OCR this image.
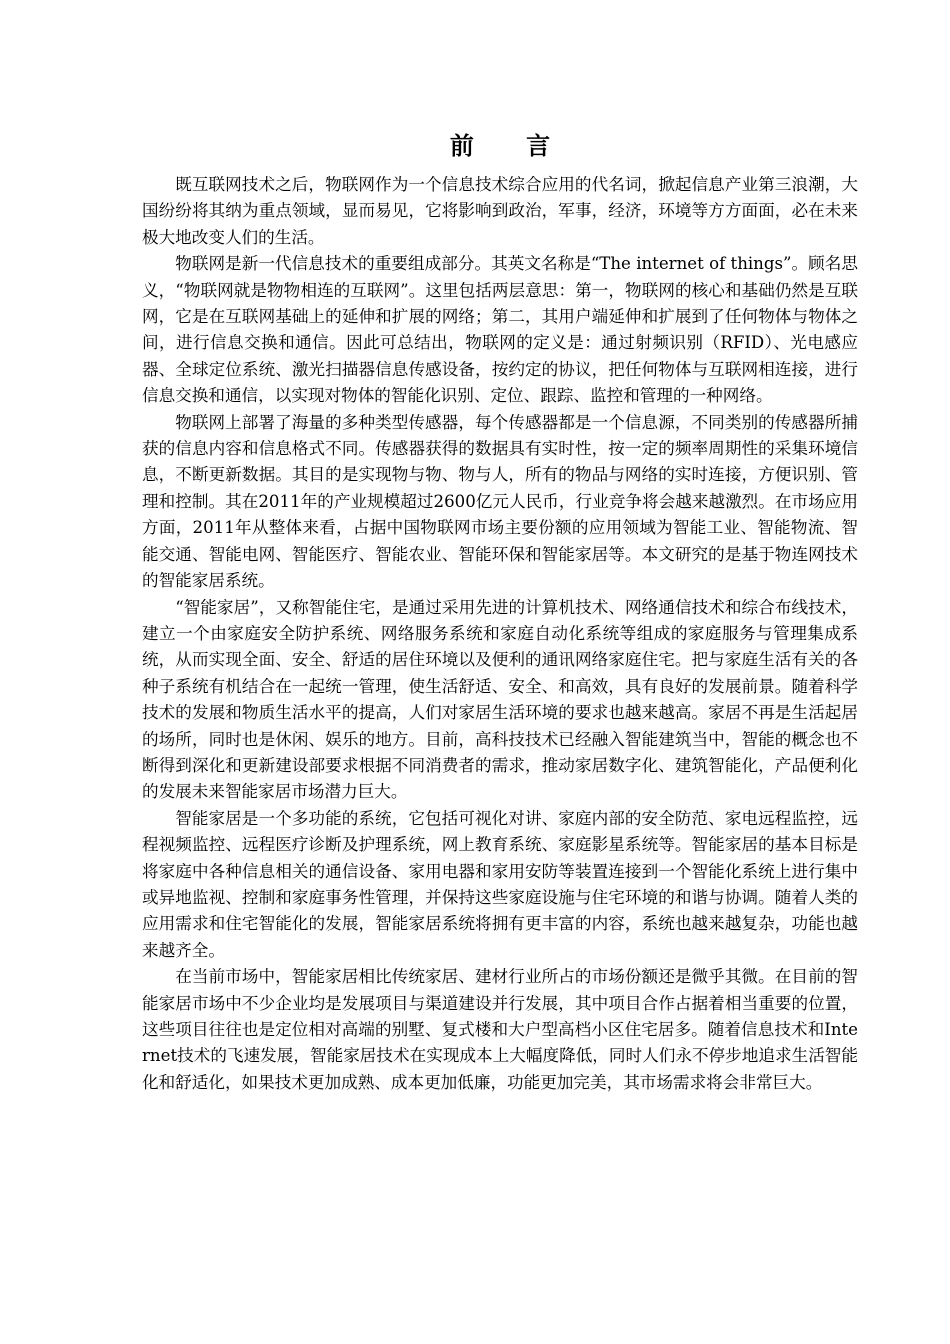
前 言

既互联网技术之后，物联网作为一个信息技术综合应用的代名词，掀起信息产业第三浪潮，大国纷纷将其纳为重点领域，显而易见，它将影响到政治，军事，经济，环境等方方面面，必在未来极大地改变人们的生活。

物联网是新一代信息技术的重要组成部分。其英文名称是“The internet of things”。顾名思义，“物联网就是物物相连的互联网”。这里包括两层意思：第一，物联网的核心和基础仍然是互联网，它是在互联网基础上的延伸和扩展的网络；第二，其用户端延伸和扩展到了任何物体与物体之间，进行信息交换和通信。因此可总结出，物联网的定义是：通过射频识别（RFID）、光电感应器、全球定位系统、激光扫描器信息传感设备，按约定的协议，把任何物体与互联网相连接，进行信息交换和通信，以实现对物体的智能化识别、定位、跟踪、监控和管理的一种网络。

物联网上部署了海量的多种类型传感器，每个传感器都是一个信息源，不同类别的传感器所捕获的信息内容和信息格式不同。传感器获得的数据具有实时性，按一定的频率周期性的采集环境信息，不断更新数据。其目的是实现物与物、物与人，所有的物品与网络的实时连接，方便识别、管理和控制。其在2011年的产业规模超过2600亿元人民币，行业竞争将会越来越激烈。在市场应用方面，2011年从整体来看，占据中国物联网市场主要份额的应用领域为智能工业、智能物流、智能交通、智能电网、智能医疗、智能农业、智能环保和智能家居等。本文研究的是基于物连网技术的智能家居系统。

“智能家居”，又称智能住宅，是通过采用先进的计算机技术、网络通信技术和综合布线技术，建立一个由家庭安全防护系统、网络服务系统和家庭自动化系统等组成的家庭服务与管理集成系统，从而实现全面、安全、舒适的居住环境以及便利的通讯网络家庭住宅。把与家庭生活有关的各种子系统有机结合在一起统一管理，使生活舒适、安全、和高效，具有良好的发展前景。随着科学技术的发展和物质生活水平的提高，人们对家居生活环境的要求也越来越高。家居不再是生活起居的场所，同时也是休闲、娱乐的地方。目前，高科技技术已经融入智能建筑当中，智能的概念也不断得到深化和更新建设部要求根据不同消费者的需求，推动家居数字化、建筑智能化，产品便利化的发展未来智能家居市场潜力巨大。

智能家居是一个多功能的系统，它包括可视化对讲、家庭内部的安全防范、家电远程监控，远程视频监控、远程医疗诊断及护理系统，网上教育系统、家庭影星系统等。智能家居的基本目标是将家庭中各种信息相关的通信设备、家用电器和家用安防等装置连接到一个智能化系统上进行集中或异地监视、控制和家庭事务性管理，并保持这些家庭设施与住宅环境的和谐与协调。随着人类的应用需求和住宅智能化的发展，智能家居系统将拥有更丰富的内容，系统也越来越复杂，功能也越来越齐全。

在当前市场中，智能家居相比传统家居、建材行业所占的市场份额还是微乎其微。在目前的智能家居市场中不少企业均是发展项目与渠道建设并行发展，其中项目合作占据着相当重要的位置，这些项目往往也是定位相对高端的别墅、复式楼和大户型高档小区住宅居多。随着信息技术和Internet技术的飞速发展，智能家居技术在实现成本上大幅度降低，同时人们永不停步地追求生活智能化和舒适化，如果技术更加成熟、成本更加低廉，功能更加完美，其市场需求将会非常巨大。
